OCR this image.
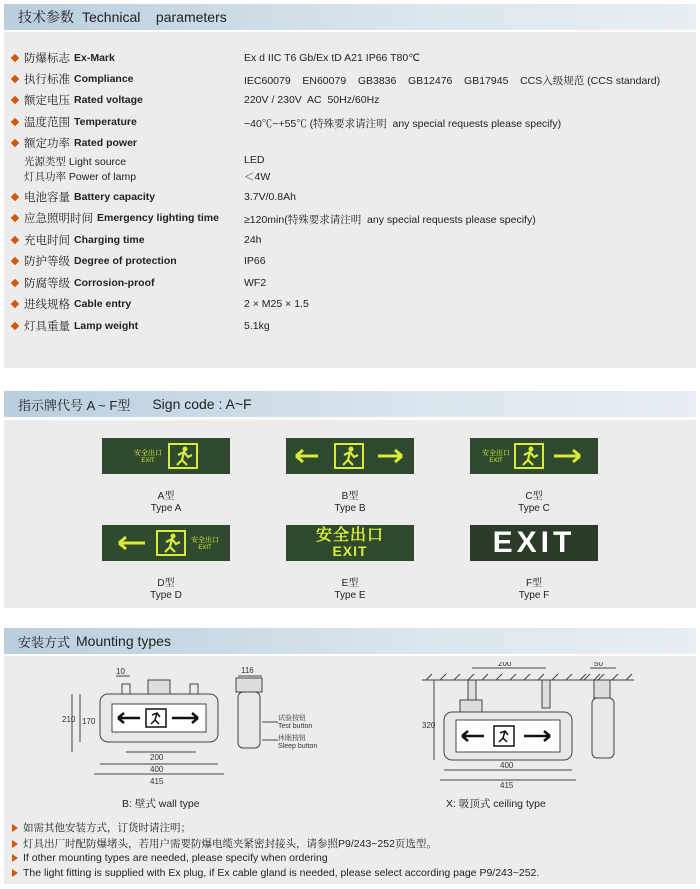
技术参数 Technical    parameters
防爆标志 Ex-Mark	Ex d IIC T6 Gb/Ex tD A21 IP66 T80℃
执行标准 Compliance	IEC60079    EN60079    GB3836    GB12476    GB17945    CCS入级规范 (CCS standard)
额定电压 Rated voltage	220V / 230V  AC  50Hz/60Hz
温度范围 Temperature	−40℃~+55℃ (特殊要求请注明  any special requests please specify)
额定功率 Rated power
光源类型 Light source	LED
灯具功率 Power of lamp	＜4W
电池容量 Battery capacity	3.7V/0.8Ah
应急照明时间 Emergency lighting time ≥120min(特殊要求请注明  any special requests please specify)
充电时间 Charging time	24h
防护等级 Degree of protection	IP66
防腐等级 Corrosion-proof	WF2
进线规格 Cable entry	2 × M25 × 1.5
灯具重量 Lamp weight	5.1kg
指示牌代号 A ~ F型 Sign code : A~F
安全出口
EXIT
A型
Type A
B型
Type B
安全出口
EXIT
C型
Type C
安全出口
EXIT
D型
Type D
安全出口
EXIT
E型
Type E
EXIT
F型
Type F
安装方式 Mounting types
210 170
200
400
415
10	116
试验按钮
Test button
休眠按钮
Sleep button
B: 壁式 wall type
200
320
400
415
50
X: 吸顶式 ceiling type
如需其他安装方式，订货时请注明；
灯具出厂时配防爆堵头，若用户需要防爆电缆夹紧密封接头，请参照P9/243~252页选型。
If other mounting types are needed, please specify when ordering
The light fitting is supplied with Ex plug, if Ex cable gland is needed, please select according page P9/243~252.
